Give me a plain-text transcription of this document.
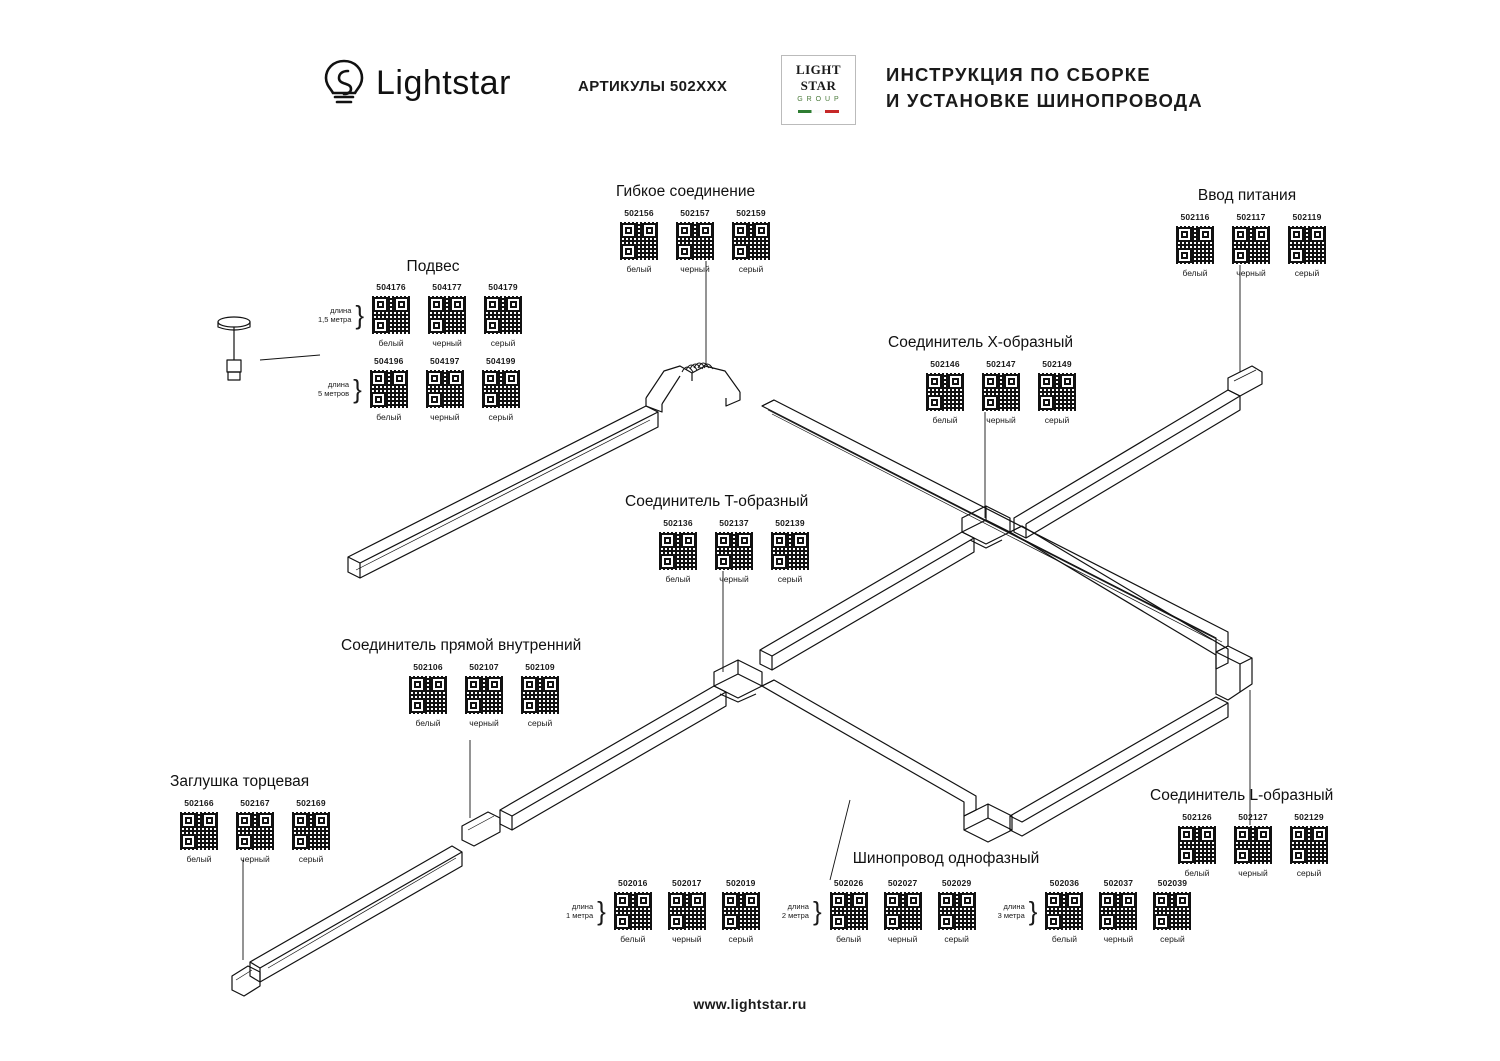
Lightstar	АРТИКУЛЫ 502XXX
LIGHT
STAR
G R O U P
ИНСТРУКЦИЯ ПО СБОРКЕ
И УСТАНОВКЕ ШИНОПРОВОДА
Гибкое соединение
502156
белый
502157
черный
502159
серый
Ввод питания
502116
белый
502117
черный
502119
серый
Подвес
длина
1,5 метра }
504176
белый
504177
черный
504179
серый
длина
5 метров }
504196
белый
504197
черный
504199
серый
Соединитель X-образный
502146
белый
502147
черный
502149
серый
Соединитель T-образный
502136
белый
502137
черный
502139
серый
Соединитель прямой внутренний
502106
белый
502107
черный
502109
серый
Заглушка торцевая
502166
белый
502167
черный
502169
серый
Соединитель L-образный
502126
белый
502127
черный
502129
серый
Шинопровод однофазный
длина
1 метра }
502016
белый
502017
черный
502019
серый
длина
2 метра }
502026
белый
502027
черный
502029
серый
длина
3 метра }
502036
белый
502037
черный
502039
серый
www.lightstar.ru
